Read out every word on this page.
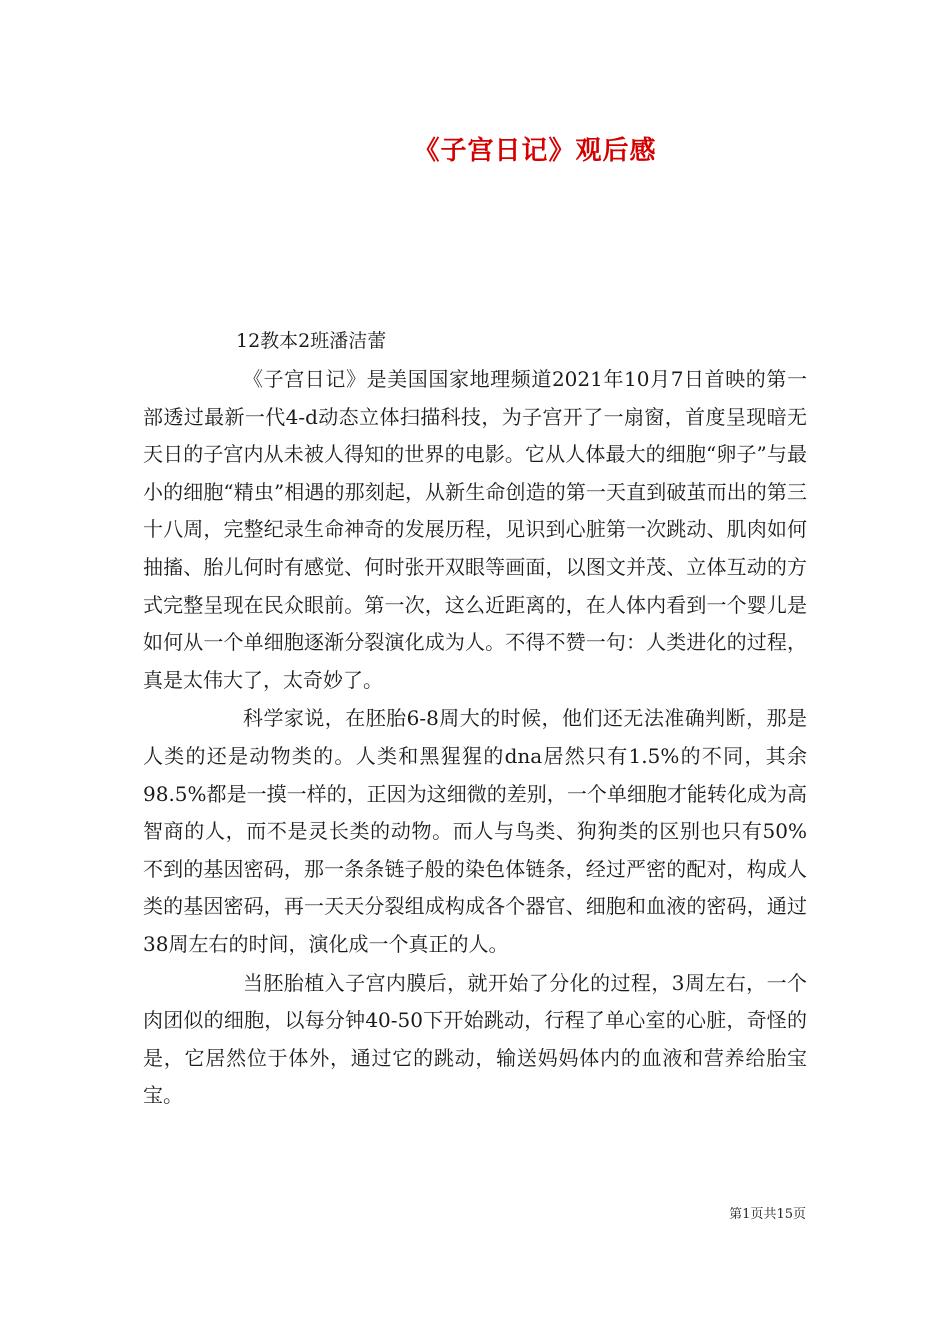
《子宫日记》观后感
12教本2班潘洁蕾

《子宫日记》是美国国家地理频道2021年10月7日首映的第一部透过最新一代4-d动态立体扫描科技，为子宫开了一扇窗，首度呈现暗无天日的子宫内从未被人得知的世界的电影。它从人体最大的细胞“卵子”与最小的细胞“精虫”相遇的那刻起，从新生命创造的第一天直到破茧而出的第三十八周，完整纪录生命神奇的发展历程，见识到心脏第一次跳动、肌肉如何抽搐、胎儿何时有感觉、何时张开双眼等画面，以图文并茂、立体互动的方式完整呈现在民众眼前。第一次，这么近距离的，在人体内看到一个婴儿是如何从一个单细胞逐渐分裂演化成为人。不得不赞一句：人类进化的过程，真是太伟大了，太奇妙了。

科学家说，在胚胎6-8周大的时候，他们还无法准确判断，那是人类的还是动物类的。人类和黑猩猩的dna居然只有1.5%的不同，其余98.5%都是一摸一样的，正因为这细微的差别，一个单细胞才能转化成为高智商的人，而不是灵长类的动物。而人与鸟类、狗狗类的区别也只有50%不到的基因密码，那一条条链子般的染色体链条，经过严密的配对，构成人类的基因密码，再一天天分裂组成构成各个器官、细胞和血液的密码，通过38周左右的时间，演化成一个真正的人。

当胚胎植入子宫内膜后，就开始了分化的过程，3周左右，一个肉团似的细胞，以每分钟40-50下开始跳动，行程了单心室的心脏，奇怪的是，它居然位于体外，通过它的跳动，输送妈妈体内的血液和营养给胎宝宝。

第1页共15页
